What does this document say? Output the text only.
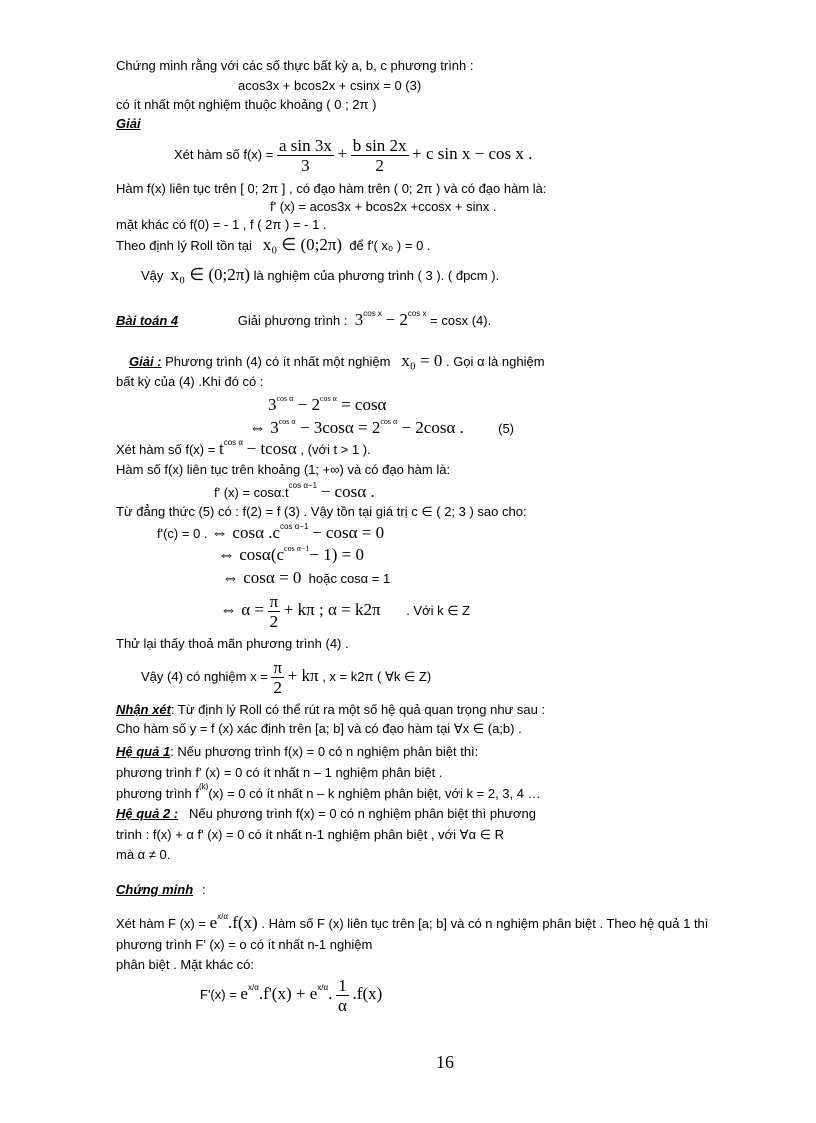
Chứng minh rằng với các số thực bất kỳ a, b, c phương trình :
acos3x + bcos2x + csinx = 0 (3)
có ít nhất một nghiệm thuộc khoảng ( 0 ; 2π )
Giải
Xét hàm số $f(x) = \frac{\text{a sin 3x}}{3} + \frac{\text{b sin 2x}}{2} + c$ sin x − cos x .
Hàm f(x) liên tục trên [ 0; 2π ] , có đạo hàm trên ( 0; 2π ) và có đạo hàm là:
f' (x) = acos3x + bcos2x +ccosx + sinx .
mặt khác có f(0) = - 1 , f ( 2π ) = - 1 .
Theo định lý Roll tồn tại x₀ ∈ (0;2π) để f'( x₀ ) = 0 .
Vậy x₀ ∈ (0;2π) là nghiệm của phương trình ( 3 ). ( đpcm ).
Bài toán 4	Giải phương trình : $3^{cos x} - 2^{cos x} = \cos x$ (4).
Giải : Phương trình (4) có ít nhất một nghiệm x₀ = 0 . Gọi α là nghiệm
bất kỳ của (4) .Khi đó có :
$3^{cos \alpha} - 2^{cos \alpha} = \cos\alpha$
⇔ $3^{cos \alpha} - 3\cos\alpha = 2^{cos \alpha} - 2\cos\alpha$ .	(5)
Xét hàm số $f(x) = t^{cos \alpha} - tcos\alpha$ , (với t > 1 ).
Hàm số f(x) liên tục trên khoảng (1; +∞) và có đạo hàm là:
f' $(x) = \cos\alpha.t^{cos \alpha-1} - \cos\alpha$ .
Từ đẳng thức (5) có : f(2) = f (3) . Vậy tồn tại giá trị c ∈ ( 2; 3 ) sao cho:
f'(c) = 0 . ⇔ cosα $.c^{cos \alpha-1} - \cos\alpha = 0$
⇔ $\cos\alpha(c^{cos \alpha-1}- 1) = 0$
⇔ cosα = 0 hoặc cosα = 1
⇔ $\alpha = \frac{\pi}{2} + k\pi$ ; α = k2π . Với k ∈ Z
Thử lại thấy thoả mãn phương trình (4) .
Vậy (4) có nghiệm $x = \frac{\pi}{2} + k\pi$ , x = k2π ( ∀k ∈ Z)
Nhận xét: Từ định lý Roll có thể rút ra một số hệ quả quan trọng như sau :
Cho hàm số y = f (x) xác định trên [a; b] và có đạo hàm tại ∀x ∈ (a;b) .
Hệ quả 1: Nếu phương trình f(x) = 0 có n nghiệm phân biệt thì:
phương trình f' (x) = 0 có ít nhất n – 1 nghiệm phân biệt .
phương trình $f^{(k)}(x) = 0$ có ít nhất n – k nghiệm phân biệt, với k = 2, 3, 4 …
Hệ quả 2 : Nếu phương trình f(x) = 0 có n nghiệm phân biệt thì phương
trình : f(x) + α f' (x) = 0 có ít nhất n-1 nghiệm phân biệt , với ∀α ∈ R
mà α ≠ 0.
Chứng minh :
Xét hàm F $(x) = e^{x/\alpha}.f(x)$ . Hàm số F (x) liên tục trên [a; b] và có n nghiệm phân biệt . Theo hệ quả 1 thì
phương trình F' (x) = o có ít nhất n-1 nghiệm
phân biệt . Mặt khác có:
$F'(x) = e^{x/\alpha}.f'(x) + e^{x/\alpha}$. $\frac{1}{\alpha} .f(x)$
16
